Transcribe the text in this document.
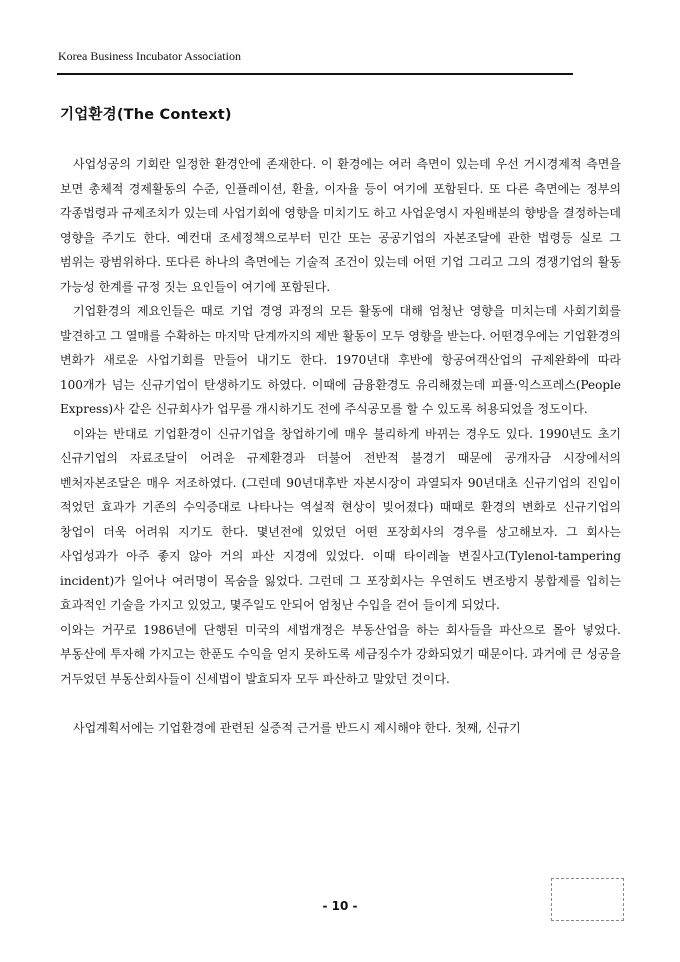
Korea Business Incubator Association
기업환경(The Context)

사업성공의 기회란 일정한 환경안에 존재한다. 이 환경에는 여러 측면이 있는데 우선 거시경제적 측면을 보면 총체적 경제활동의 수준, 인플레이션, 환율, 이자율 등이 여기에 포함된다. 또 다른 측면에는 정부의 각종법령과 규제조치가 있는데 사업기회에 영향을 미치기도 하고 사업운영시 자원배분의 향방을 결정하는데 영향을 주기도 한다. 예컨대 조세정책으로부터 민간 또는 공공기업의 자본조달에 관한 법령등 실로 그 범위는 광범위하다. 또다른 하나의 측면에는 기술적 조건이 있는데 어떤 기업 그리고 그의 경쟁기업의 활동 가능성 한계를 규정 짓는 요인들이 여기에 포함된다.

기업환경의 제요인들은 때로 기업 경영 과정의 모든 활동에 대해 엄청난 영향을 미치는데 사회기회를 발견하고 그 열매를 수확하는 마지막 단계까지의 제반 활동이 모두 영향을 받는다. 어떤경우에는 기업환경의 변화가 새로운 사업기회를 만들어 내기도 한다. 1970년대 후반에 항공여객산업의 규제완화에 따라 100개가 넘는 신규기업이 탄생하기도 하였다. 이때에 금융환경도 유리해졌는데 피플·익스프레스(People Express)사 같은 신규회사가 업무를 개시하기도 전에 주식공모를 할 수 있도록 허용되었을 정도이다.

이와는 반대로 기업환경이 신규기업을 창업하기에 매우 불리하게 바뀌는 경우도 있다. 1990년도 초기 신규기업의 자료조달이 어려운 규제환경과 더불어 전반적 불경기 때문에 공개자금 시장에서의 벤처자본조달은 매우 저조하였다. (그런데 90년대후반 자본시장이 과열되자 90년대초 신규기업의 진입이 적었던 효과가 기존의 수익증대로 나타나는 역설적 현상이 빚어졌다) 때때로 환경의 변화로 신규기업의 창업이 더욱 어려워 지기도 한다. 몇년전에 있었던 어떤 포장회사의 경우를 상고해보자. 그 회사는 사업성과가 아주 좋지 않아 거의 파산 지경에 있었다. 이때 타이레놀 변질사고(Tylenol-tampering incident)가 일어나 여러명이 목숨을 잃었다. 그런데 그 포장회사는 우연히도 변조방지 봉합제를 입히는 효과적인 기술을 가지고 있었고, 몇주일도 안되어 엄청난 수입을 걷어 들이게 되었다.

이와는 거꾸로 1986년에 단행된 미국의 세법개정은 부동산업을 하는 회사들을 파산으로 몰아 넣었다. 부동산에 투자해 가지고는 한푼도 수익을 얻지 못하도록 세금징수가 강화되었기 때문이다. 과거에 큰 성공을 거두었던 부동산회사들이 신세법이 발효되자 모두 파산하고 말았던 것이다.

사업계획서에는 기업환경에 관련된 실증적 근거를 반드시 제시해야 한다. 첫째, 신규기

- 10 -
